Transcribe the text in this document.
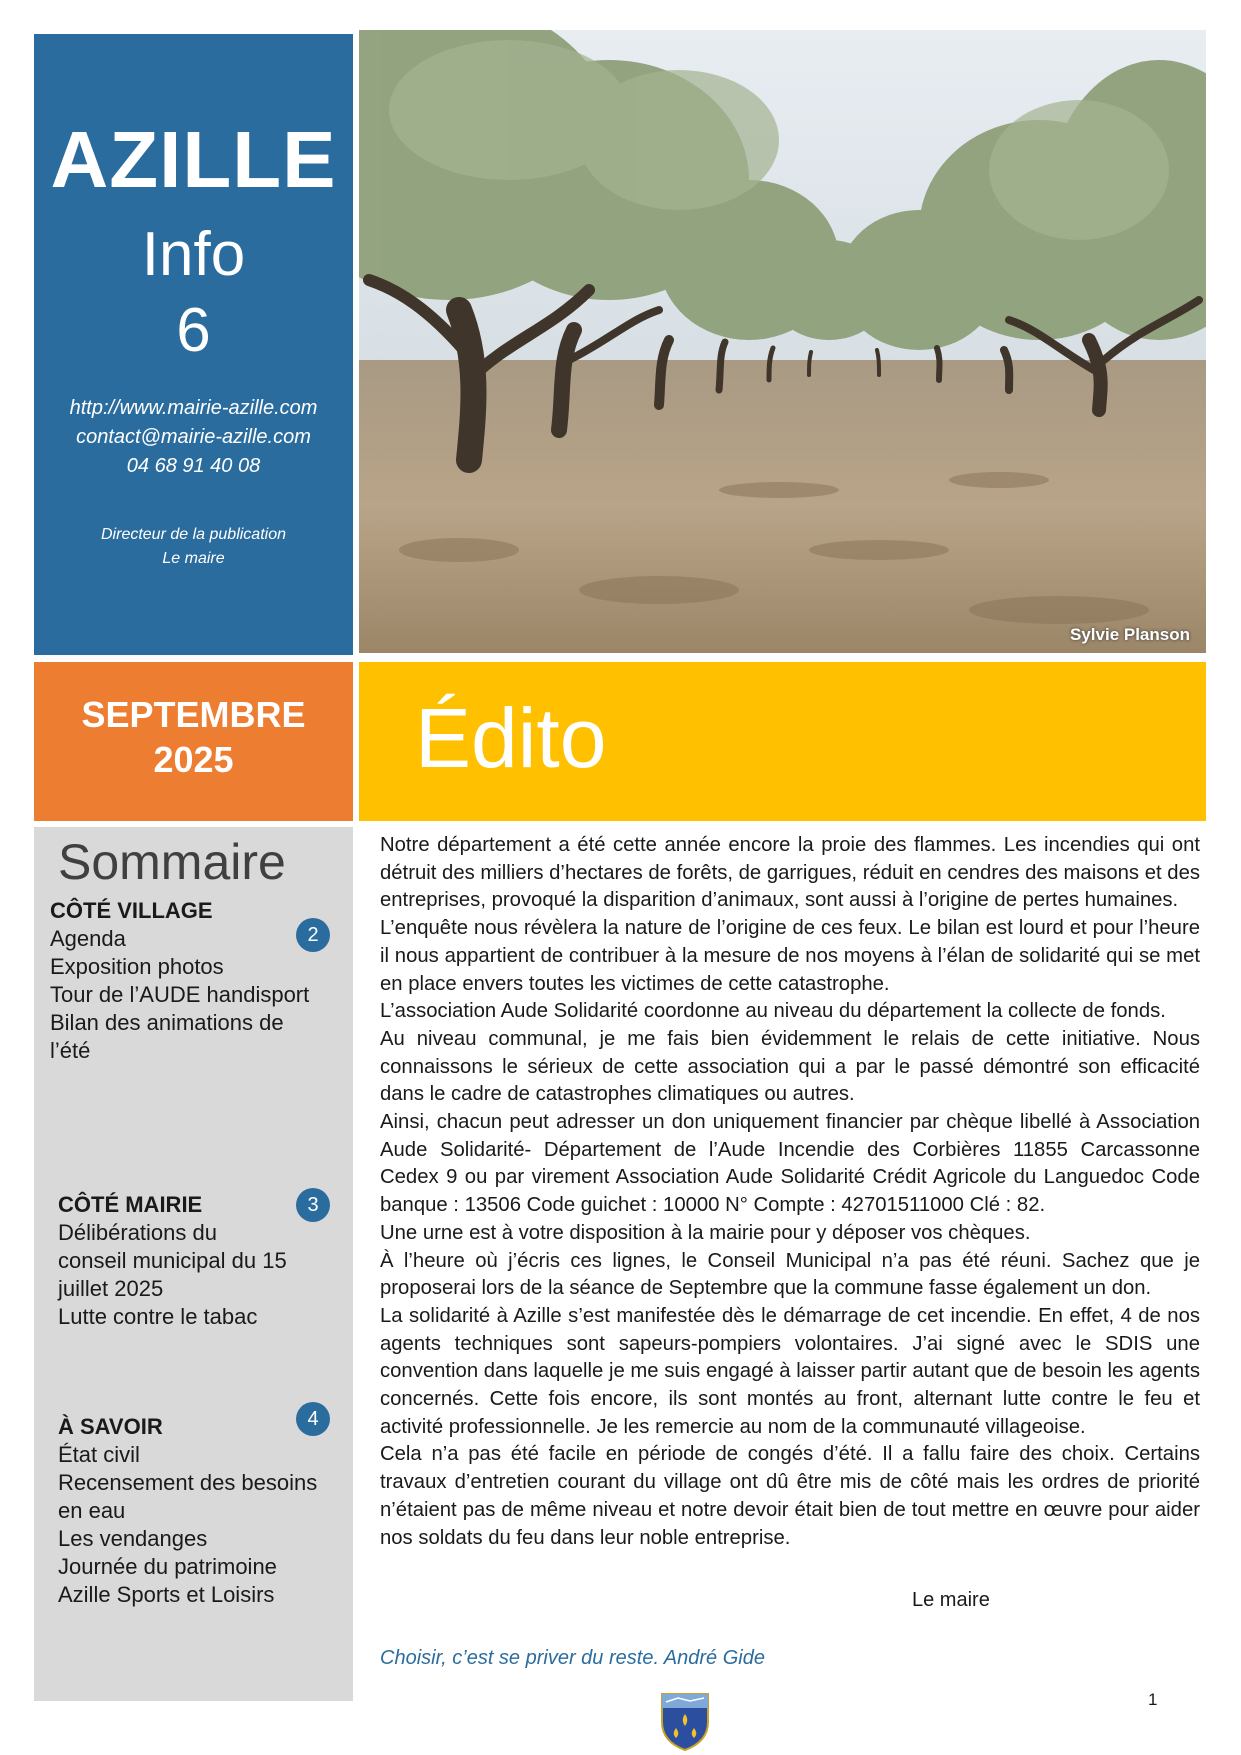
AZILLE
Info
6
http://www.mairie-azille.com
contact@mairie-azille.com
04 68 91 40 08
Directeur de la publication
Le maire
Sylvie Planson
SEPTEMBRE
2025	Édito
Sommaire
CÔTÉ VILLAGE
Agenda
Exposition photos
Tour de l’AUDE handisport
Bilan des animations de l’été
2
CÔTÉ MAIRIE
Délibérations du conseil municipal du 15 juillet 2025
Lutte contre le tabac
3
À SAVOIR
État civil
Recensement des besoins en eau
Les vendanges
Journée du patrimoine
Azille Sports et Loisirs
4

Notre département a été cette année encore la proie des flammes. Les incendies qui ont détruit des milliers d’hectares de forêts, de garrigues, réduit en cendres des maisons et des entreprises, provoqué la disparition d’animaux, sont aussi à l’origine de pertes humaines.

L’enquête nous révèlera la nature de l’origine de ces feux. Le bilan est lourd et pour l’heure il nous appartient de contribuer à la mesure de nos moyens à l’élan de solidarité qui se met en place envers toutes les victimes de cette catastrophe.

L’association Aude Solidarité coordonne au niveau du département la collecte de fonds.

Au niveau communal, je me fais bien évidemment le relais de cette initiative. Nous connaissons le sérieux de cette association qui a par le passé démontré son efficacité dans le cadre de catastrophes climatiques ou autres.

Ainsi, chacun peut adresser un don uniquement financier par chèque libellé à Association Aude Solidarité- Département de l’Aude Incendie des Corbières 11855 Carcassonne Cedex 9 ou par virement Association Aude Solidarité Crédit Agricole du Languedoc Code banque : 13506 Code guichet : 10000 N° Compte : 42701511000 Clé : 82.

Une urne est à votre disposition à la mairie pour y déposer vos chèques.

À l’heure où j’écris ces lignes, le Conseil Municipal n’a pas été réuni. Sachez que je proposerai lors de la séance de Septembre que la commune fasse également un don.

La solidarité à Azille s’est manifestée dès le démarrage de cet incendie. En effet, 4 de nos agents techniques sont sapeurs-pompiers volontaires. J’ai signé avec le SDIS une convention dans laquelle je me suis engagé à laisser partir autant que de besoin les agents concernés. Cette fois encore, ils sont montés au front, alternant lutte contre le feu et activité professionnelle. Je les remercie au nom de la communauté villageoise.

Cela n’a pas été facile en période de congés d’été. Il a fallu faire des choix. Certains travaux d’entretien courant du village ont dû être mis de côté mais les ordres de priorité n’étaient pas de même niveau et notre devoir était bien de tout mettre en œuvre pour aider nos soldats du feu dans leur noble entreprise.

Le maire
Choisir, c’est se priver du reste. André Gide
1
